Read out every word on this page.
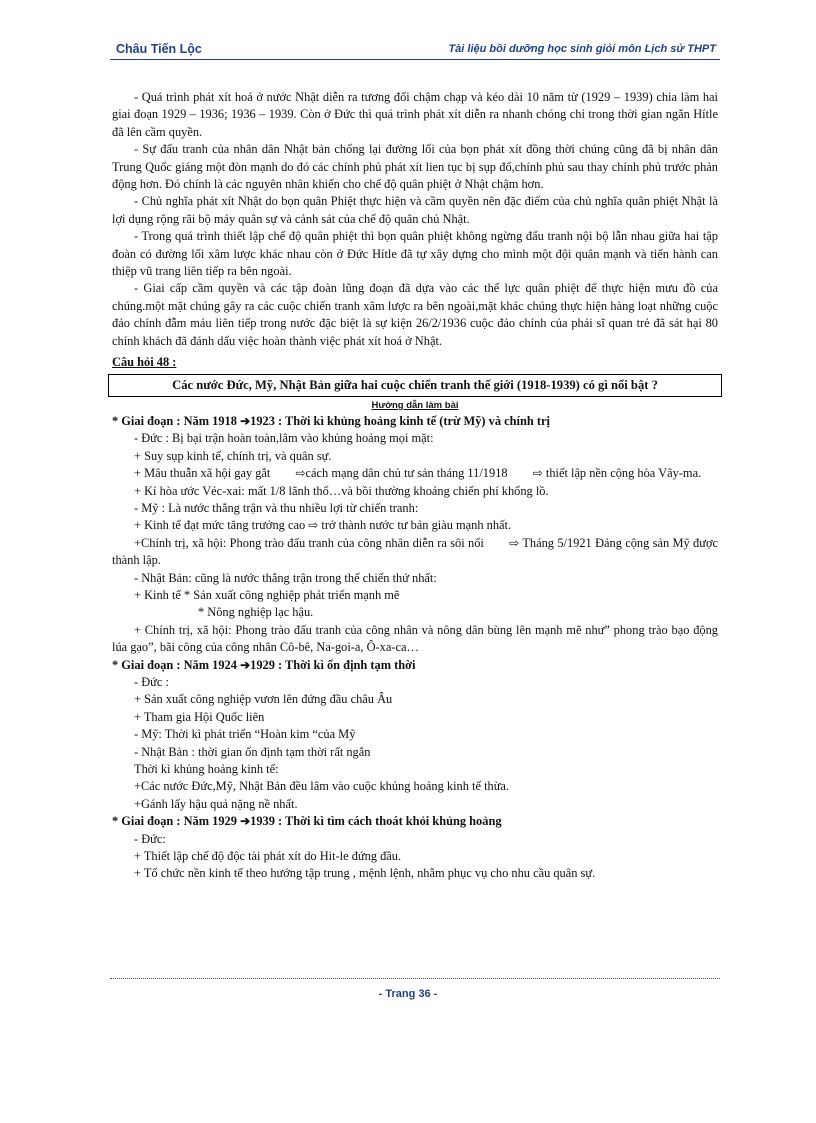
Châu Tiến Lộc	Tài liệu bồi dưỡng học sinh giỏi môn Lịch sử THPT

- Quá trình phát xít hoá ở nước Nhật diễn ra tương đối chậm chạp và kéo dài 10 năm từ (1929 – 1939) chia làm hai giai đoạn 1929 – 1936; 1936 – 1939. Còn ở Đức thì quá trình phát xít diễn ra nhanh chóng chỉ trong thời gian ngắn Hítle đã lên cầm quyền.

- Sự đấu tranh của nhân dân Nhật bản chống lại đường lối của bọn phát xít đồng thời chúng cũng đã bị nhân dân Trung Quốc giáng một đòn mạnh do đó các chính phủ phát xít lien tục bị sụp đổ,chính phủ sau thay chính phủ trước phản động hơn. Đó chính là các nguyên nhân khiến cho chế độ quân phiệt ở Nhật chậm hơn.

- Chủ nghĩa phát xít Nhật do bọn quân Phiệt thực hiện và cầm quyền nên đặc điểm của chủ nghĩa quân phiệt Nhật là lợi dụng rộng rãi bộ máy quân sự và cảnh sát của chế độ quân chủ Nhật.

- Trong quá trình thiết lập chế độ quân phiệt thì bọn quân phiệt không ngừng đấu tranh nội bộ lẫn nhau giữa hai tập đoàn có đường lối xâm lược khác nhau còn ở Đức Hítle đã tự xây dựng cho mình một đội quân mạnh và tiến hành can thiệp vũ trang liên tiếp ra bên ngoài.

- Giai cấp cầm quyền và các tập đoàn lũng đoạn đã dựa vào các thế lực quân phiệt để thực hiện mưu đồ của chúng.một mặt chúng gây ra các cuộc chiến tranh xâm lược ra bên ngoài,mặt khác chúng thực hiện hàng loạt những cuộc đảo chính đẫm máu liên tiếp trong nước đặc biệt là sự kiện 26/2/1936 cuộc đảo chính của phái sĩ quan trẻ đã sát hại 80 chính khách đã đánh dấu việc hoàn thành việc phát xít hoá ở Nhật.

Câu hỏi 48 :

Các nước Đức, Mỹ, Nhật Bản giữa hai cuộc chiến tranh thế giới (1918-1939) có gì nổi bật ?

Hướng dẫn làm bài

* Giai đoạn : Năm 1918 ➔1923 : Thời kì khủng hoảng kinh tế (trừ Mỹ) và chính trị

- Đức : Bị bại trận hoàn toàn,lâm vào khủng hoảng mọi mặt:

+ Suy sụp kinh tế, chính trị, và quân sự.

+ Mâu thuẫn xã hội gay gắt ⇨cách mạng dân chủ tư sản tháng 11/1918 ⇨ thiết lập nền cộng hòa Vây-ma.

+ Kí hòa ước Véc-xai: mất 1/8 lãnh thổ…và bồi thường khoảng chiến phí khổng lồ.

- Mỹ : Là nước thắng trận và thu nhiều lợi từ chiến tranh:

+ Kinh tế đạt mức tăng trưởng cao ⇨ trở thành nước tư bản giàu mạnh nhất.

+Chính trị, xã hội: Phong trào đấu tranh của công nhân diễn ra sôi nổi ⇨ Tháng 5/1921 Đảng cộng sản Mỹ được thành lập.

- Nhật Bản: cũng là nước thắng trận trong thế chiến thứ nhất:

+ Kinh tế * Sản xuất công nghiệp phát triển mạnh mẽ

* Nông nghiệp lạc hậu.

+ Chính trị, xã hội: Phong trào đấu tranh của công nhân và nông dân bùng lên mạnh mẽ như” phong trào bạo động lúa gạo”, bãi công của công nhân Cô-bê, Na-goi-a, Ô-xa-ca…

* Giai đoạn : Năm 1924 ➔1929 : Thời kì ổn định tạm thời

- Đức :

+ Sản xuất công nghiệp vươn lên đứng đầu châu Âu

+ Tham gia Hội Quốc liên

- Mỹ: Thời kì phát triển “Hoàn kim “của Mỹ

- Nhật Bản : thời gian ổn định tạm thời rất ngắn

Thời kì khủng hoảng kinh tế:

+Các nước Đức,Mỹ, Nhật Bản đều lâm vào cuộc khủng hoảng kinh tế thừa.

+Gánh lấy hậu quả nặng nề nhất.

* Giai đoạn : Năm 1929 ➔1939 : Thời kì tìm cách thoát khỏi khủng hoảng

- Đức:

+ Thiết lập chế độ độc tài phát xít do Hit-le đứng đầu.

+ Tổ chức nền kinh tế theo hướng tập trung , mệnh lệnh, nhằm phục vụ cho nhu cầu quân sự.

- Trang 36 -
